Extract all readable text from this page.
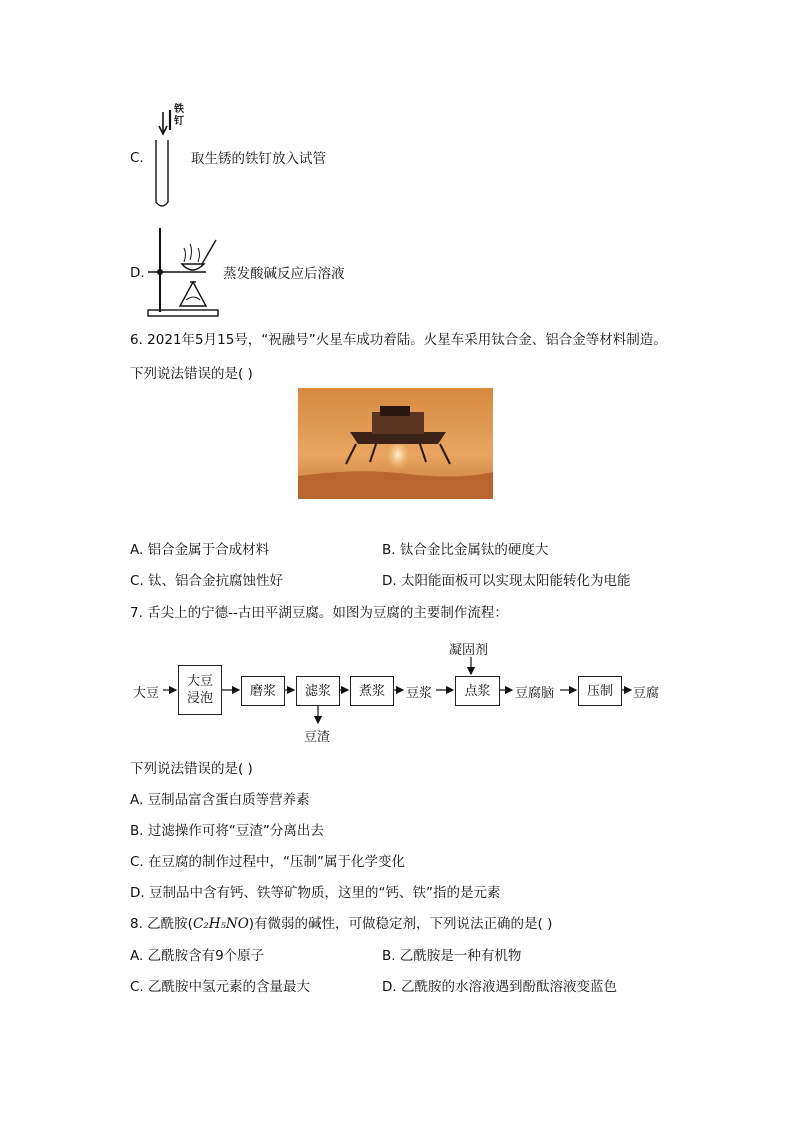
C.
铁
钉
取生锈的铁钉放入试管
D.	蒸发酸碱反应后溶液
6. 2021年5月15号，“祝融号”火星车成功着陆。火星车采用钛合金、铝合金等材料制造。
下列说法错误的是( )
A. 铝合金属于合成材料	B. 钛合金比金属钛的硬度大
C. 钛、铝合金抗腐蚀性好	D. 太阳能面板可以实现太阳能转化为电能
7. 舌尖上的宁德--古田平湖豆腐。如图为豆腐的主要制作流程：
大豆
大豆
浸泡	磨浆	滤浆	煮浆	豆浆
凝固剂
点浆	豆腐脑	压制	豆腐
豆渣
下列说法错误的是( )
A. 豆制品富含蛋白质等营养素
B. 过滤操作可将“豆渣”分离出去
C. 在豆腐的制作过程中，“压制”属于化学变化
D. 豆制品中含有钙、铁等矿物质，这里的“钙、铁”指的是元素
8. 乙酰胺(C₂H₅NO)有微弱的碱性，可做稳定剂，下列说法正确的是( )
A. 乙酰胺含有9个原子	B. 乙酰胺是一种有机物
C. 乙酰胺中氢元素的含量最大	D. 乙酰胺的水溶液遇到酚酞溶液变蓝色
